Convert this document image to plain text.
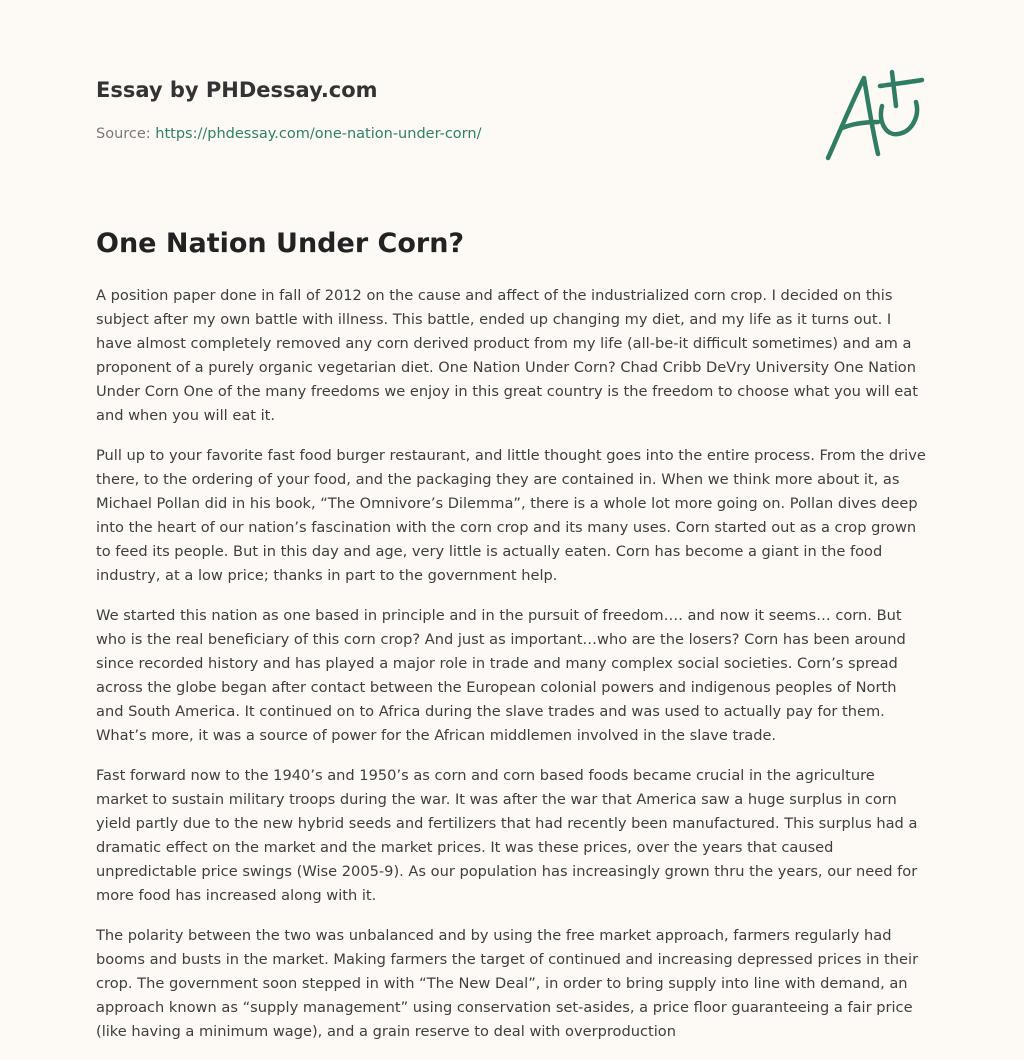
Essay by PHDessay.com
Source: https://phdessay.com/one-nation-under-corn/
One Nation Under Corn?

A position paper done in fall of 2012 on the cause and affect of the industrialized corn crop. I decided on this subject after my own battle with illness. This battle, ended up changing my diet, and my life as it turns out. I have almost completely removed any corn derived product from my life (all-be-it difficult sometimes) and am a proponent of a purely organic vegetarian diet. One Nation Under Corn? Chad Cribb DeVry University One Nation Under Corn One of the many freedoms we enjoy in this great country is the freedom to choose what you will eat and when you will eat it.

Pull up to your favorite fast food burger restaurant, and little thought goes into the entire process. From the drive there, to the ordering of your food, and the packaging they are contained in. When we think more about it, as Michael Pollan did in his book, “The Omnivore’s Dilemma”, there is a whole lot more going on. Pollan dives deep into the heart of our nation’s fascination with the corn crop and its many uses. Corn started out as a crop grown to feed its people. But in this day and age, very little is actually eaten. Corn has become a giant in the food industry, at a low price; thanks in part to the government help.

We started this nation as one based in principle and in the pursuit of freedom…. and now it seems… corn. But who is the real beneficiary of this corn crop? And just as important…who are the losers? Corn has been around since recorded history and has played a major role in trade and many complex social societies. Corn’s spread across the globe began after contact between the European colonial powers and indigenous peoples of North and South America. It continued on to Africa during the slave trades and was used to actually pay for them. What’s more, it was a source of power for the African middlemen involved in the slave trade.

Fast forward now to the 1940’s and 1950’s as corn and corn based foods became crucial in the agriculture market to sustain military troops during the war. It was after the war that America saw a huge surplus in corn yield partly due to the new hybrid seeds and fertilizers that had recently been manufactured. This surplus had a dramatic effect on the market and the market prices. It was these prices, over the years that caused unpredictable price swings (Wise 2005-9). As our population has increasingly grown thru the years, our need for more food has increased along with it.

The polarity between the two was unbalanced and by using the free market approach, farmers regularly had booms and busts in the market. Making farmers the target of continued and increasing depressed prices in their crop. The government soon stepped in with “The New Deal”, in order to bring supply into line with demand, an approach known as “supply management” using conservation set-asides, a price floor guaranteeing a fair price (like having a minimum wage), and a grain reserve to deal with overproduction
